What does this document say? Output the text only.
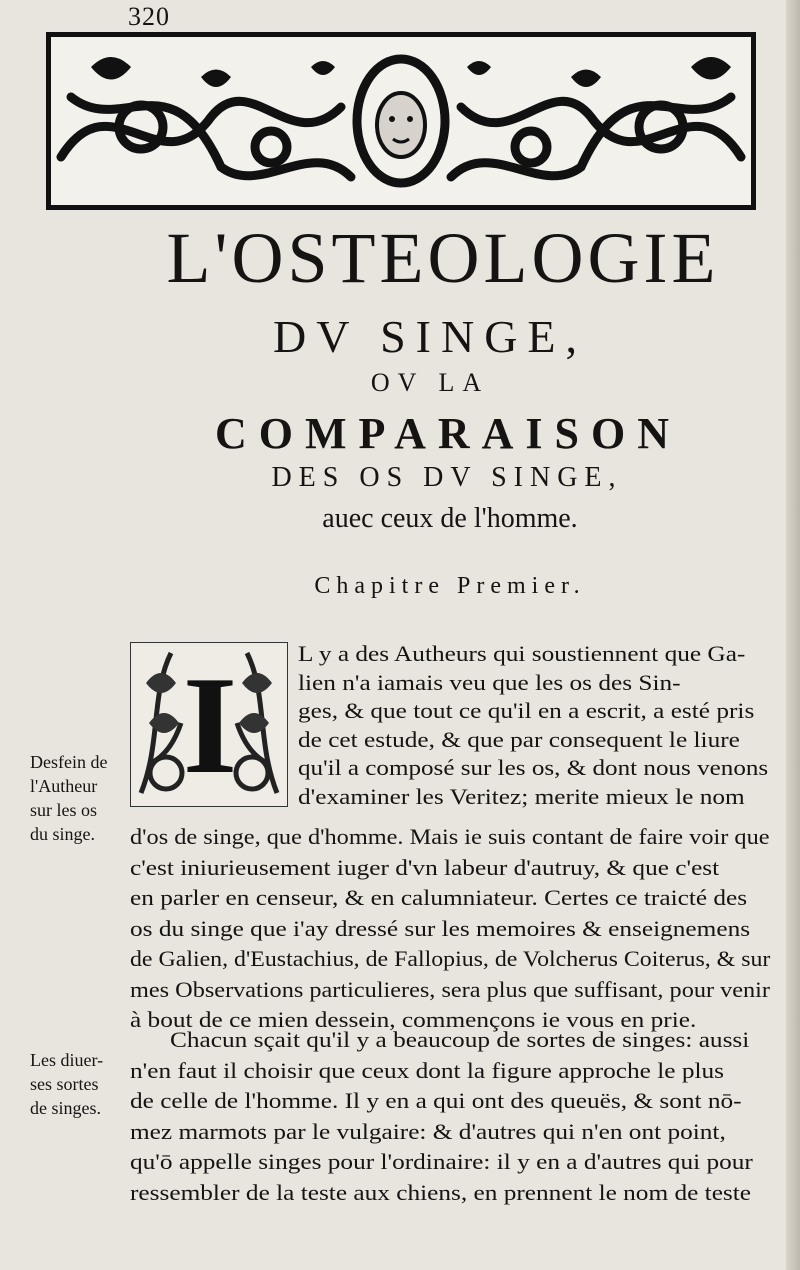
320
L'OSTEOLOGIE
DV SINGE,
OV LA
COMPARAISON
DES OS DV SINGE,
auec ceux de l'homme.
Chapitre Premier.
I	L y a des Autheurs qui soustiennent que Ga-
lien n'a iamais veu que les os des Sin-
ges, & que tout ce qu'il en a escrit, a esté pris
de cet estude, & que par consequent le liure
qu'il a composé sur les os, & dont nous venons
d'examiner les Veritez; merite mieux le nom
d'os de singe, que d'homme. Mais ie suis contant de faire voir que
c'est iniurieusement iuger d'vn labeur d'autruy, & que c'est
en parler en censeur, & en calumniateur. Certes ce traicté des
os du singe que i'ay dressé sur les memoires & enseignemens
de Galien, d'Eustachius, de Fallopius, de Volcherus Coiterus, & sur
mes Observations particulieres, sera plus que suffisant, pour venir
à bout de ce mien dessein, commençons ie vous en prie.
Chacun sçait qu'il y a beaucoup de sortes de singes: aussi
n'en faut il choisir que ceux dont la figure approche le plus
de celle de l'homme. Il y en a qui ont des queuës, & sont nō-
mez marmots par le vulgaire: & d'autres qui n'en ont point,
qu'ō appelle singes pour l'ordinaire: il y en a d'autres qui pour
ressembler de la teste aux chiens, en prennent le nom de teste
Desfein de
l'Autheur
sur les os
du singe.
Les diuer-
ses sortes
de singes.
